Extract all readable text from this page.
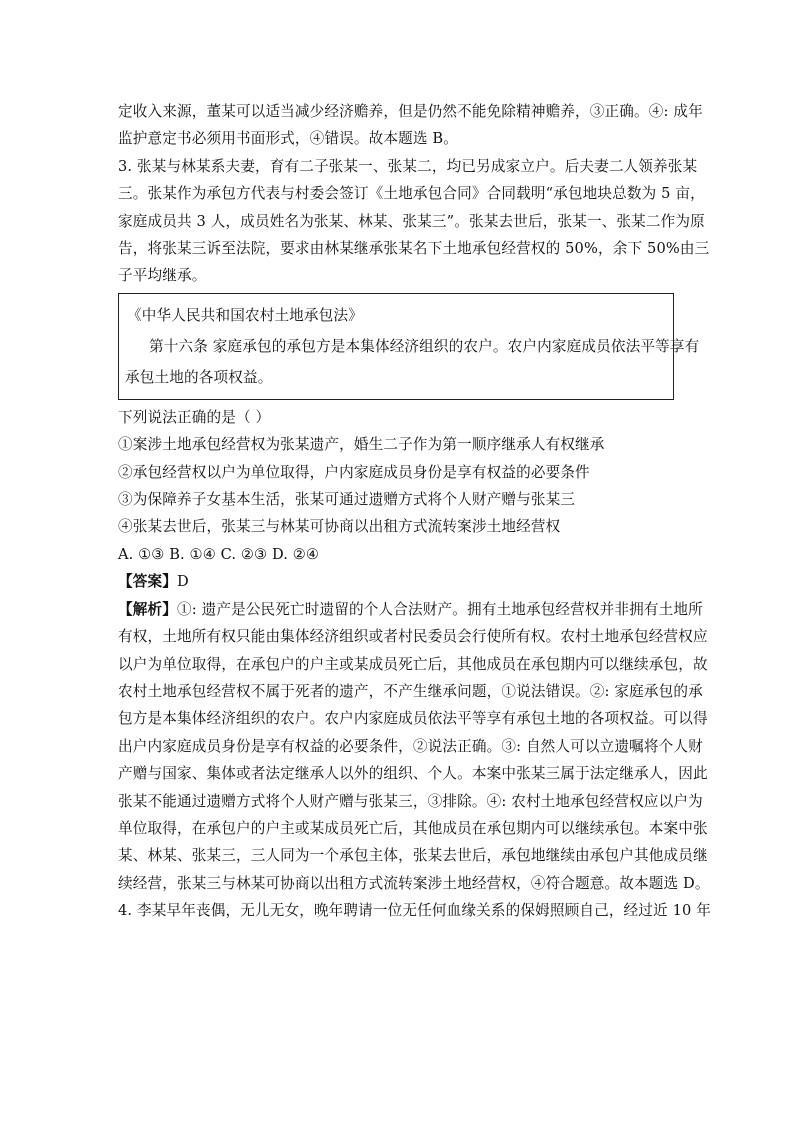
定收入来源，董某可以适当减少经济赡养，但是仍然不能免除精神赡养，③正确。④: 成年
监护意定书必须用书面形式，④错误。故本题选 B。
3. 张某与林某系夫妻，育有二子张某一、张某二，均已另成家立户。后夫妻二人领养张某
三。张某作为承包方代表与村委会签订《土地承包合同》合同载明“承包地块总数为 5 亩，
家庭成员共 3 人，成员姓名为张某、林某、张某三”。张某去世后，张某一、张某二作为原
告，将张某三诉至法院，要求由林某继承张某名下土地承包经营权的 50%，余下 50%由三
子平均继承。
《中华人民共和国农村土地承包法》
第十六条 家庭承包的承包方是本集体经济组织的农户。农户内家庭成员依法平等享有
承包土地的各项权益。
下列说法正确的是（ ）
①案涉土地承包经营权为张某遗产，婚生二子作为第一顺序继承人有权继承
②承包经营权以户为单位取得，户内家庭成员身份是享有权益的必要条件
③为保障养子女基本生活，张某可通过遗赠方式将个人财产赠与张某三
④张某去世后，张某三与林某可协商以出租方式流转案涉土地经营权
A. ①③ B. ①④ C. ②③ D. ②④
【答案】D
【解析】①: 遗产是公民死亡时遗留的个人合法财产。拥有土地承包经营权并非拥有土地所
有权，土地所有权只能由集体经济组织或者村民委员会行使所有权。农村土地承包经营权应
以户为单位取得，在承包户的户主或某成员死亡后，其他成员在承包期内可以继续承包，故
农村土地承包经营权不属于死者的遗产，不产生继承问题，①说法错误。②: 家庭承包的承
包方是本集体经济组织的农户。农户内家庭成员依法平等享有承包土地的各项权益。可以得
出户内家庭成员身份是享有权益的必要条件，②说法正确。③: 自然人可以立遗嘱将个人财
产赠与国家、集体或者法定继承人以外的组织、个人。本案中张某三属于法定继承人，因此
张某不能通过遗赠方式将个人财产赠与张某三，③排除。④: 农村土地承包经营权应以户为
单位取得，在承包户的户主或某成员死亡后，其他成员在承包期内可以继续承包。本案中张
某、林某、张某三，三人同为一个承包主体，张某去世后，承包地继续由承包户其他成员继
续经营，张某三与林某可协商以出租方式流转案涉土地经营权，④符合题意。故本题选 D。
4. 李某早年丧偶，无儿无女，晚年聘请一位无任何血缘关系的保姆照顾自己，经过近 10 年
